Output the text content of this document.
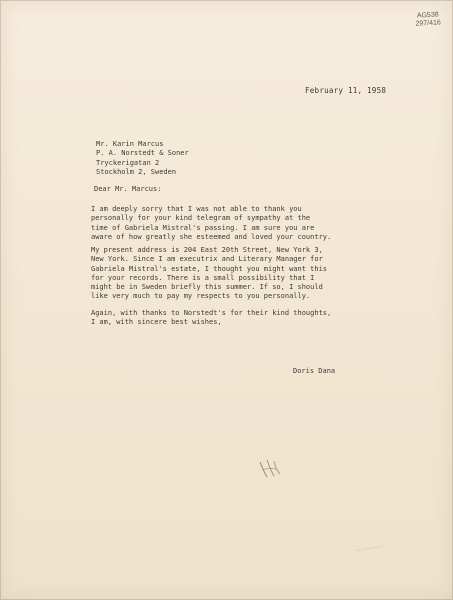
AG538
297/416
February 11, 1958
Mr. Karin Marcus
P. A. Norstedt & Soner
Tryckerigatan 2
Stockholm 2, Sweden
Dear Mr. Marcus:
I am deeply sorry that I was not able to thank you
personally for your kind telegram of sympathy at the
time of Gabriela Mistral's passing. I am sure you are
aware of how greatly she esteemed and loved your country.
My present address is 204 East 20th Street, New York 3,
New York. Since I am executrix and Literary Manager for
Gabriela Mistral's estate, I thought you might want this
for your records. There is a small possibility that I
might be in Sweden briefly this summer. If so, I should
like very much to pay my respects to you personally.
Again, with thanks to Norstedt's for their kind thoughts,
I am, with sincere best wishes,
Doris Dana
